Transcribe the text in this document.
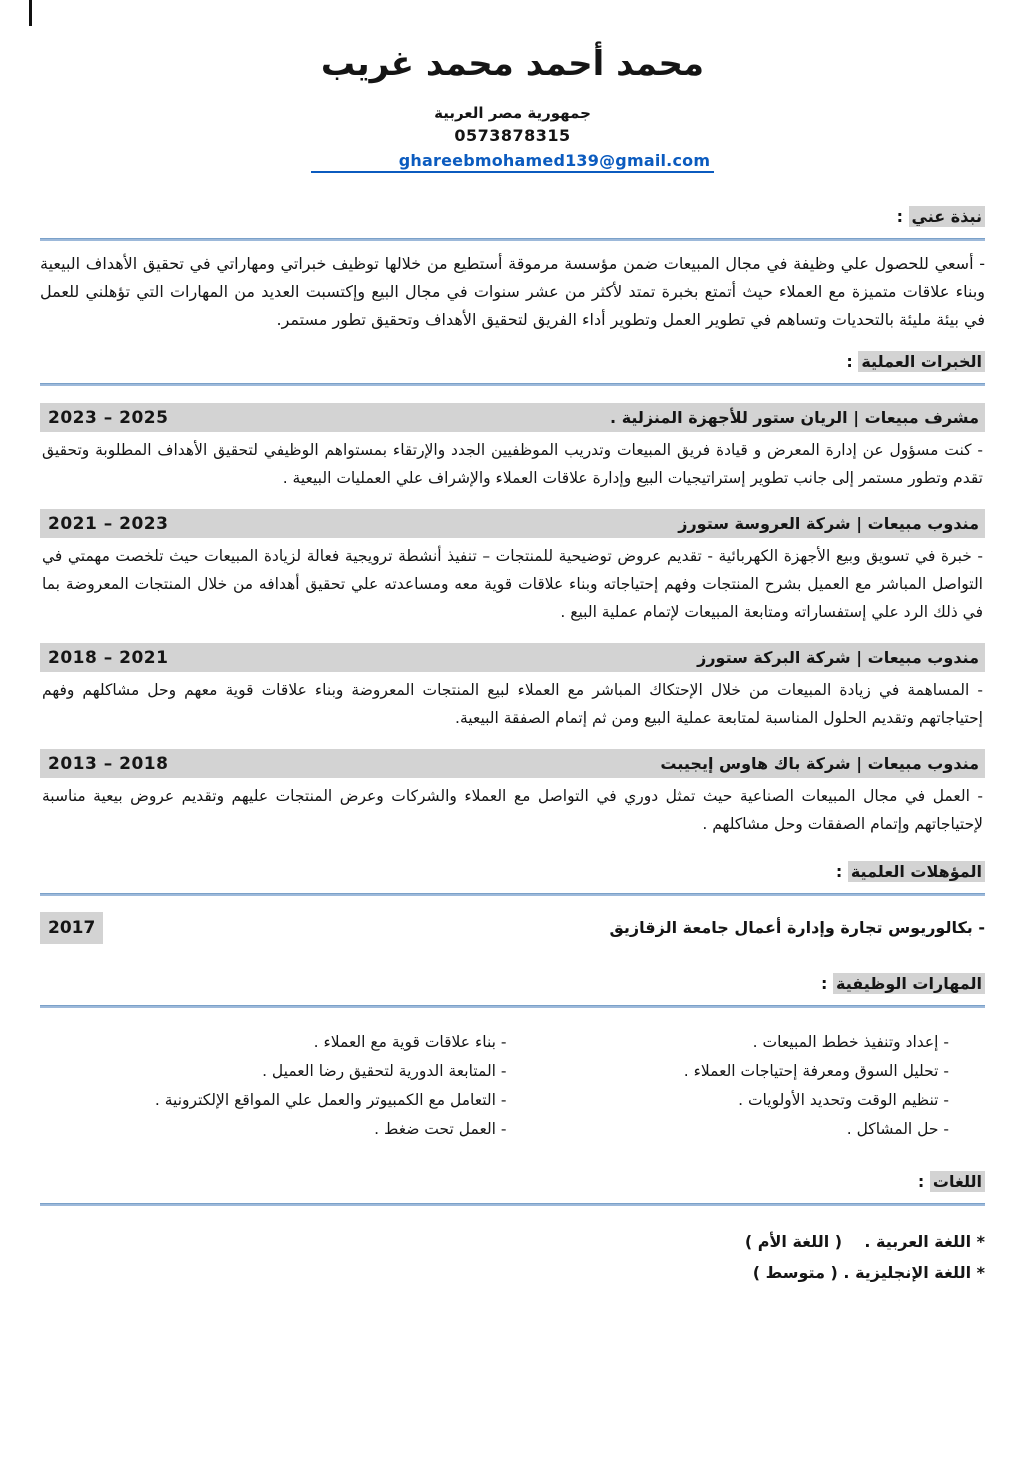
محمد أحمد محمد غريب
جمهورية مصر العربية
0573878315
ghareebmohamed139@gmail.com
نبذة عني :
- أسعي للحصول علي وظيفة في مجال المبيعات ضمن مؤسسة مرموقة أستطيع من خلالها توظيف خبراتي ومهاراتي في تحقيق الأهداف البيعية وبناء علاقات متميزة مع العملاء حيث أتمتع بخبرة تمتد لأكثر من عشر سنوات في مجال البيع وإكتسبت العديد من المهارات التي تؤهلني للعمل في بيئة مليئة بالتحديات وتساهم في تطوير العمل وتطوير أداء الفريق لتحقيق الأهداف وتحقيق تطور مستمر.
الخبرات العملية :
مشرف مبيعات | الريان ستور للأجهزة المنزلية .
2023 – 2025
- كنت مسؤول عن إدارة المعرض و قيادة فريق المبيعات وتدريب الموظفيين الجدد والإرتقاء بمستواهم الوظيفي لتحقيق الأهداف المطلوبة وتحقيق تقدم وتطور مستمر إلى جانب تطوير إستراتيجيات البيع وإدارة علاقات العملاء والإشراف علي العمليات البيعية .
مندوب مبيعات | شركة العروسة ستورز
2021 – 2023
- خبرة في تسويق وبيع الأجهزة الكهربائية - تقديم عروض توضيحية للمنتجات – تنفيذ أنشطة ترويجية فعالة لزيادة المبيعات حيث تلخصت مهمتي في التواصل المباشر مع العميل بشرح المنتجات وفهم إحتياجاته وبناء علاقات قوية معه ومساعدته علي تحقيق أهدافه من خلال المنتجات المعروضة بما في ذلك الرد علي إستفساراته ومتابعة المبيعات لإتمام عملية البيع .
مندوب مبيعات | شركة البركة ستورز
2018 – 2021
- المساهمة في زيادة المبيعات من خلال الإحتكاك المباشر مع العملاء لبيع المنتجات المعروضة وبناء علاقات قوية معهم وحل مشاكلهم وفهم إحتياجاتهم وتقديم الحلول المناسبة لمتابعة عملية البيع ومن ثم إتمام الصفقة البيعية.
مندوب مبيعات | شركة باك هاوس إيجيبت
2013 – 2018
- العمل في مجال المبيعات الصناعية حيث تمثل دوري في التواصل مع العملاء والشركات وعرض المنتجات عليهم وتقديم عروض بيعية مناسبة لإحتياجاتهم وإتمام الصفقات وحل مشاكلهم .
المؤهلات العلمية :
- بكالوريوس تجارة وإدارة أعمال جامعة الزقازيق
2017
المهارات الوظيفية :
- إعداد وتنفيذ خطط المبيعات .
- تحليل السوق ومعرفة إحتياجات العملاء .
- تنظيم الوقت وتحديد الأولويات .
- حل المشاكل .
- بناء علاقات قوية مع العملاء .
- المتابعة الدورية لتحقيق رضا العميل .
- التعامل مع الكمبيوتر والعمل علي المواقع الإلكترونية .
- العمل تحت ضغط .
اللغات :
* اللغة العربية .    ( اللغة الأم )
* اللغة الإنجليزية . ( متوسط )
